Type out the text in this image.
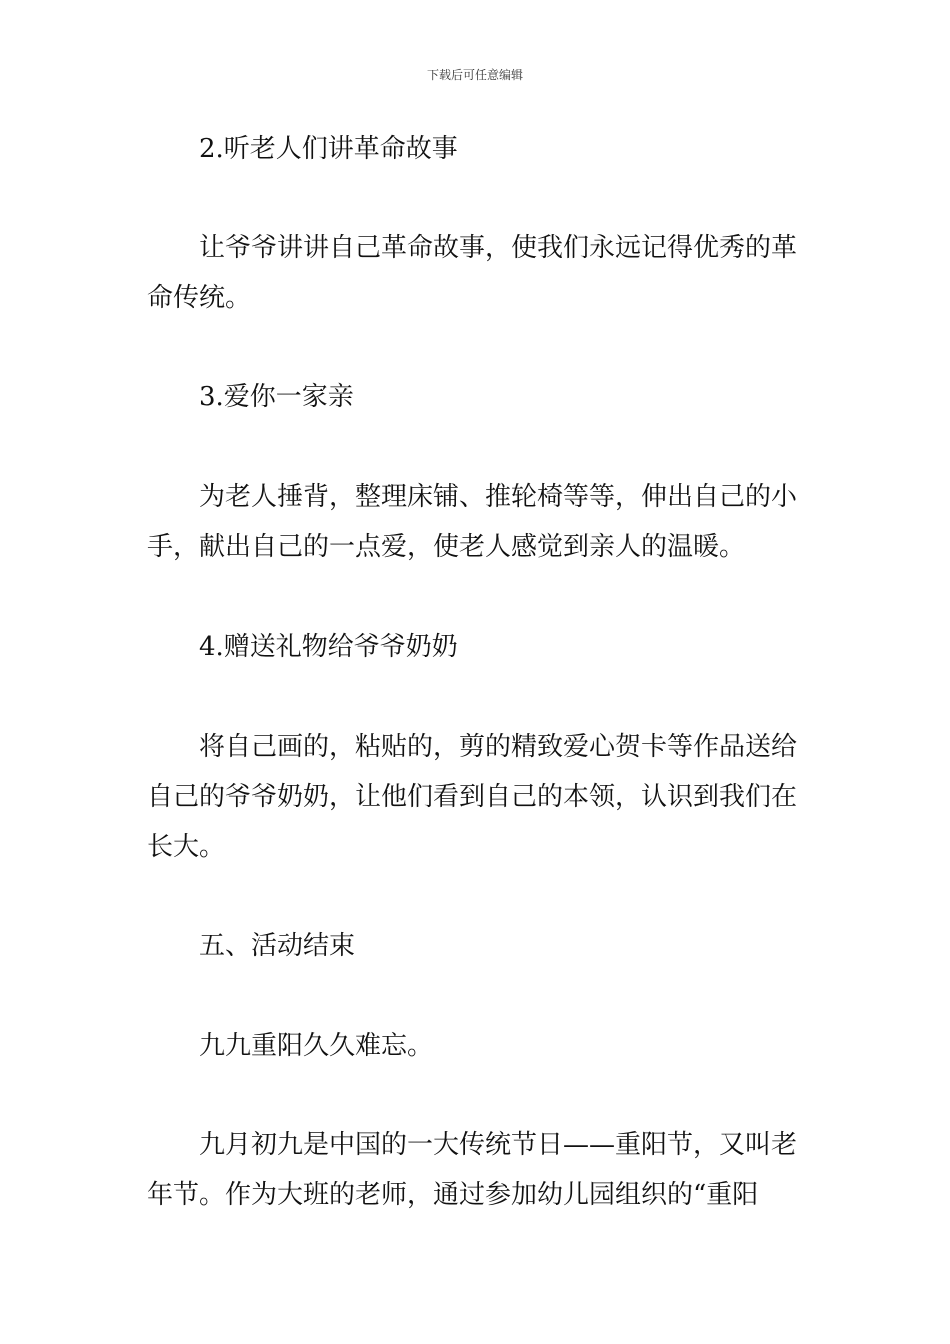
下载后可任意编辑
2.听老人们讲革命故事
让爷爷讲讲自己革命故事，使我们永远记得优秀的革命传统。
3.爱你一家亲
为老人捶背，整理床铺、推轮椅等等，伸出自己的小手，献出自己的一点爱，使老人感觉到亲人的温暖。
4.赠送礼物给爷爷奶奶
将自己画的，粘贴的，剪的精致爱心贺卡等作品送给自己的爷爷奶奶，让他们看到自己的本领，认识到我们在长大。
五、活动结束
九九重阳久久难忘。
九月初九是中国的一大传统节日——重阳节，又叫老年节。作为大班的老师，通过参加幼儿园组织的“重阳
